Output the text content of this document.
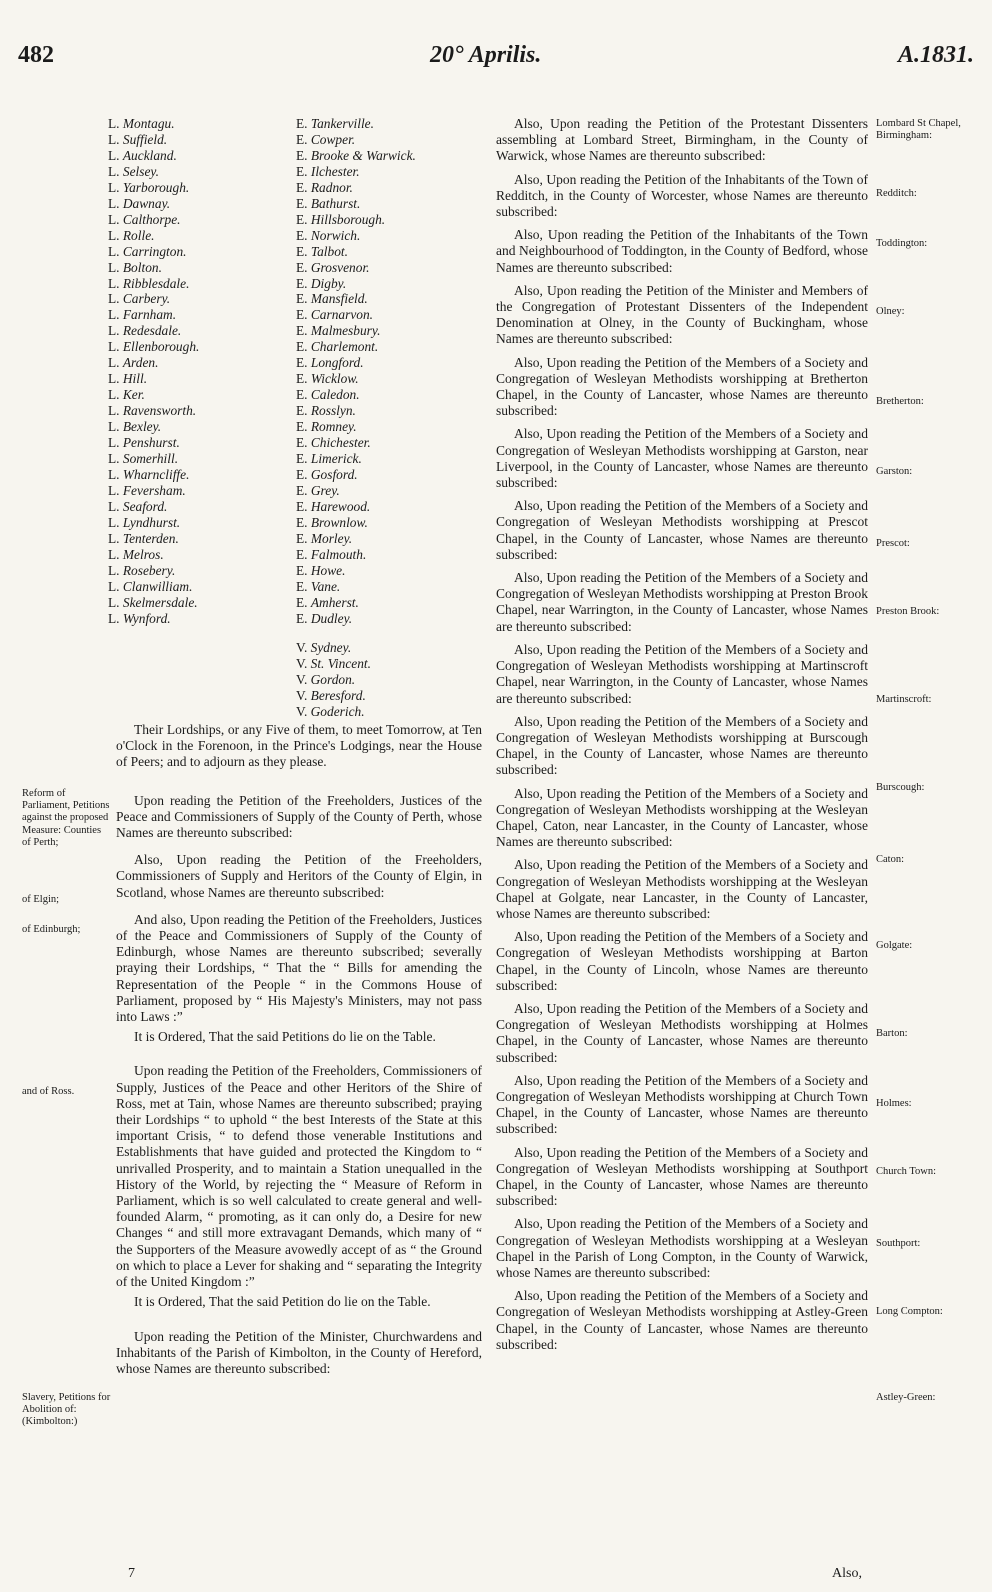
482	20° Aprilis.	A.1831.
L. Montagu.
L. Suffield.
L. Auckland.
L. Selsey.
L. Yarborough.
L. Dawnay.
L. Calthorpe.
L. Rolle.
L. Carrington.
L. Bolton.
L. Ribblesdale.
L. Carbery.
L. Farnham.
L. Redesdale.
L. Ellenborough.
L. Arden.
L. Hill.
L. Ker.
L. Ravensworth.
L. Bexley.
L. Penshurst.
L. Somerhill.
L. Wharncliffe.
L. Feversham.
L. Seaford.
L. Lyndhurst.
L. Tenterden.
L. Melros.
L. Rosebery.
L. Clanwilliam.
L. Skelmersdale.
L. Wynford.
E. Tankerville.
E. Cowper.
E. Brooke & Warwick.
E. Ilchester.
E. Radnor.
E. Bathurst.
E. Hillsborough.
E. Norwich.
E. Talbot.
E. Grosvenor.
E. Digby.
E. Mansfield.
E. Carnarvon.
E. Malmesbury.
E. Charlemont.
E. Longford.
E. Wicklow.
E. Caledon.
E. Rosslyn.
E. Romney.
E. Chichester.
E. Limerick.
E. Gosford.
E. Grey.
E. Harewood.
E. Brownlow.
E. Morley.
E. Falmouth.
E. Howe.
E. Vane.
E. Amherst.
E. Dudley.
V. Sydney.
V. St. Vincent.
V. Gordon.
V. Beresford.
V. Goderich.

Their Lordships, or any Five of them, to meet Tomorrow, at Ten o'Clock in the Forenoon, in the Prince's Lodgings, near the House of Peers; and to adjourn as they please.

Upon reading the Petition of the Freeholders, Justices of the Peace and Commissioners of Supply of the County of Perth, whose Names are thereunto subscribed:

Also, Upon reading the Petition of the Freeholders, Commissioners of Supply and Heritors of the County of Elgin, in Scotland, whose Names are thereunto subscribed:

And also, Upon reading the Petition of the Freeholders, Justices of the Peace and Commissioners of Supply of the County of Edinburgh, whose Names are thereunto subscribed; severally praying their Lordships, “ That the “ Bills for amending the Representation of the People “ in the Commons House of Parliament, proposed by “ His Majesty's Ministers, may not pass into Laws :”

It is Ordered, That the said Petitions do lie on the Table.

Upon reading the Petition of the Freeholders, Commissioners of Supply, Justices of the Peace and other Heritors of the Shire of Ross, met at Tain, whose Names are thereunto subscribed; praying their Lordships “ to uphold “ the best Interests of the State at this important Crisis, “ to defend those venerable Institutions and Establishments that have guided and protected the Kingdom to “ unrivalled Prosperity, and to maintain a Station unequalled in the History of the World, by rejecting the “ Measure of Reform in Parliament, which is so well calculated to create general and well-founded Alarm, “ promoting, as it can only do, a Desire for new Changes “ and still more extravagant Demands, which many of “ the Supporters of the Measure avowedly accept of as “ the Ground on which to place a Lever for shaking and “ separating the Integrity of the United Kingdom :”

It is Ordered, That the said Petition do lie on the Table.

Upon reading the Petition of the Minister, Churchwardens and Inhabitants of the Parish of Kimbolton, in the County of Hereford, whose Names are thereunto subscribed:

Reform of Parliament, Petitions against the proposed Measure: Counties of Perth;
of Elgin;
of Edinburgh;
and of Ross.
Slavery, Petitions for Abolition of: (Kimbolton:)

Also, Upon reading the Petition of the Protestant Dissenters assembling at Lombard Street, Birmingham, in the County of Warwick, whose Names are thereunto subscribed:

Also, Upon reading the Petition of the Inhabitants of the Town of Redditch, in the County of Worcester, whose Names are thereunto subscribed:

Also, Upon reading the Petition of the Inhabitants of the Town and Neighbourhood of Toddington, in the County of Bedford, whose Names are thereunto subscribed:

Also, Upon reading the Petition of the Minister and Members of the Congregation of Protestant Dissenters of the Independent Denomination at Olney, in the County of Buckingham, whose Names are thereunto subscribed:

Also, Upon reading the Petition of the Members of a Society and Congregation of Wesleyan Methodists worshipping at Bretherton Chapel, in the County of Lancaster, whose Names are thereunto subscribed:

Also, Upon reading the Petition of the Members of a Society and Congregation of Wesleyan Methodists worshipping at Garston, near Liverpool, in the County of Lancaster, whose Names are thereunto subscribed:

Also, Upon reading the Petition of the Members of a Society and Congregation of Wesleyan Methodists worshipping at Prescot Chapel, in the County of Lancaster, whose Names are thereunto subscribed:

Also, Upon reading the Petition of the Members of a Society and Congregation of Wesleyan Methodists worshipping at Preston Brook Chapel, near Warrington, in the County of Lancaster, whose Names are thereunto subscribed:

Also, Upon reading the Petition of the Members of a Society and Congregation of Wesleyan Methodists worshipping at Martinscroft Chapel, near Warrington, in the County of Lancaster, whose Names are thereunto subscribed:

Also, Upon reading the Petition of the Members of a Society and Congregation of Wesleyan Methodists worshipping at Burscough Chapel, in the County of Lancaster, whose Names are thereunto subscribed:

Also, Upon reading the Petition of the Members of a Society and Congregation of Wesleyan Methodists worshipping at the Wesleyan Chapel, Caton, near Lancaster, in the County of Lancaster, whose Names are thereunto subscribed:

Also, Upon reading the Petition of the Members of a Society and Congregation of Wesleyan Methodists worshipping at the Wesleyan Chapel at Golgate, near Lancaster, in the County of Lancaster, whose Names are thereunto subscribed:

Also, Upon reading the Petition of the Members of a Society and Congregation of Wesleyan Methodists worshipping at Barton Chapel, in the County of Lincoln, whose Names are thereunto subscribed:

Also, Upon reading the Petition of the Members of a Society and Congregation of Wesleyan Methodists worshipping at Holmes Chapel, in the County of Lancaster, whose Names are thereunto subscribed:

Also, Upon reading the Petition of the Members of a Society and Congregation of Wesleyan Methodists worshipping at Church Town Chapel, in the County of Lancaster, whose Names are thereunto subscribed:

Also, Upon reading the Petition of the Members of a Society and Congregation of Wesleyan Methodists worshipping at Southport Chapel, in the County of Lancaster, whose Names are thereunto subscribed:

Also, Upon reading the Petition of the Members of a Society and Congregation of Wesleyan Methodists worshipping at a Wesleyan Chapel in the Parish of Long Compton, in the County of Warwick, whose Names are thereunto subscribed:

Also, Upon reading the Petition of the Members of a Society and Congregation of Wesleyan Methodists worshipping at Astley-Green Chapel, in the County of Lancaster, whose Names are thereunto subscribed:

Lombard St Chapel, Birmingham:
Redditch:
Toddington:
Olney:
Bretherton:
Garston:
Prescot:
Preston Brook:
Martinscroft:
Burscough:
Caton:
Golgate:
Barton:
Holmes:
Church Town:
Southport:
Long Compton:
Astley-Green:
7	Also,
